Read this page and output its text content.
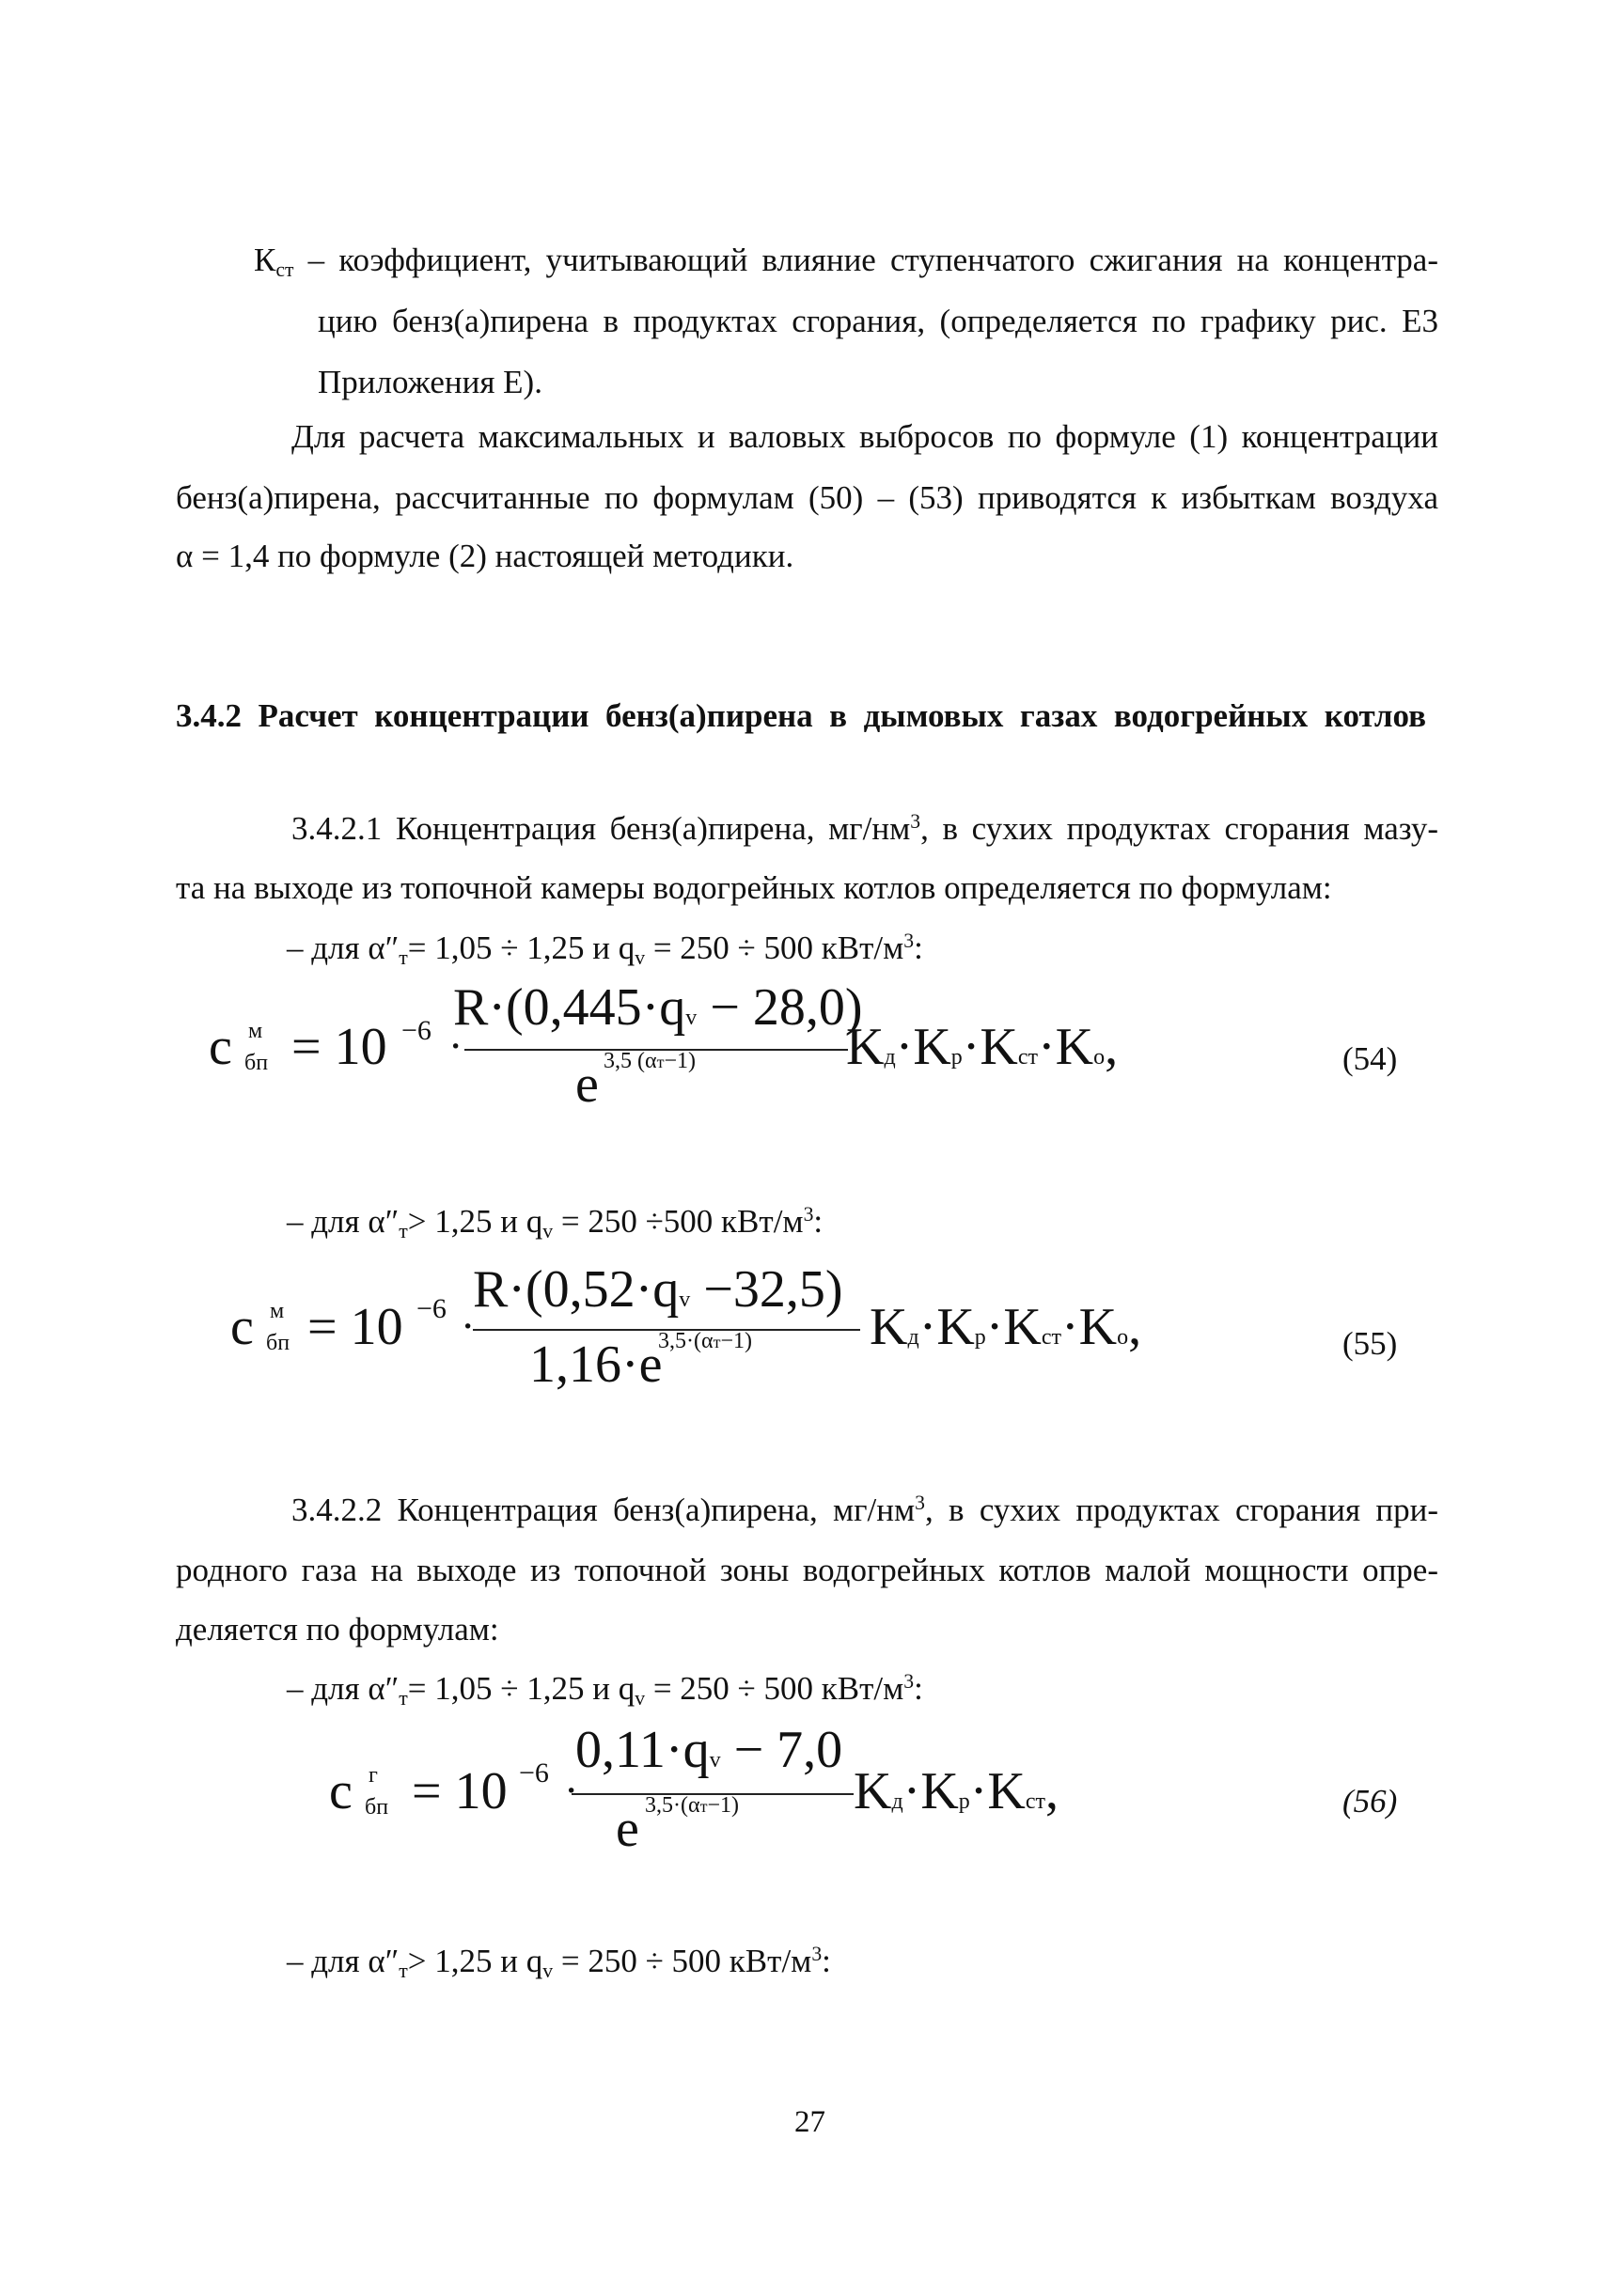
$К_{ст}$ – коэффициент, учитывающий влияние ступенчатого сжигания на концентра-
цию бенз(а)пирена в продуктах сгорания, (определяется по графику рис. Е3
Приложения Е).
Для расчета максимальных и валовых выбросов по формуле (1) концентрации
бенз(а)пирена, рассчитанные по формулам (50) – (53) приводятся к избыткам воздуха
α = 1,4 по формуле (2) настоящей методики.
3.4.2 Расчет концентрации бенз(а)пирена в дымовых газах водогрейных котлов
3.4.2.1 Концентрация бенз(а)пирена, $мг/нм^3$, в сухих продуктах сгорания мазу-
та на выходе из топочной камеры водогрейных котлов определяется по формулам:
– для $\alpha''_т= 1,05 \div 1,25$ и $q_v = 250 \div 500$ кВт/$м^3$:
c м
бп = 10 −6 ·
R·(0,445·qv − 28,0)
e 3,5 (αт−1)	Kд·Kр·Kст·Kо,	(54)
– для $\alpha''_т> 1,25$ и $q_v = 250 \div 500$ кВт/$м^3$:
c м
бп = 10 −6 ·
R·(0,52·qv −32,5)
1,16·e
3,5·(αт−1) Kд·Kр·Kст·Kо,	(55)
3.4.2.2 Концентрация бенз(а)пирена, $мг/нм^3$, в сухих продуктах сгорания при-
родного газа на выходе из топочной зоны водогрейных котлов малой мощности опре-
деляется по формулам:
– для $\alpha''_т= 1,05 \div 1,25$ и $q_v = 250 \div 500$ кВт/$м^3$:
c г
бп = 10 −6 ·
0,11·qv − 7,0
e 3,5·(αт−1) Kд·Kр·Kст,	(56)
– для $\alpha''_т> 1,25$ и $q_v = 250 \div 500$ кВт/$м^3$:
27
